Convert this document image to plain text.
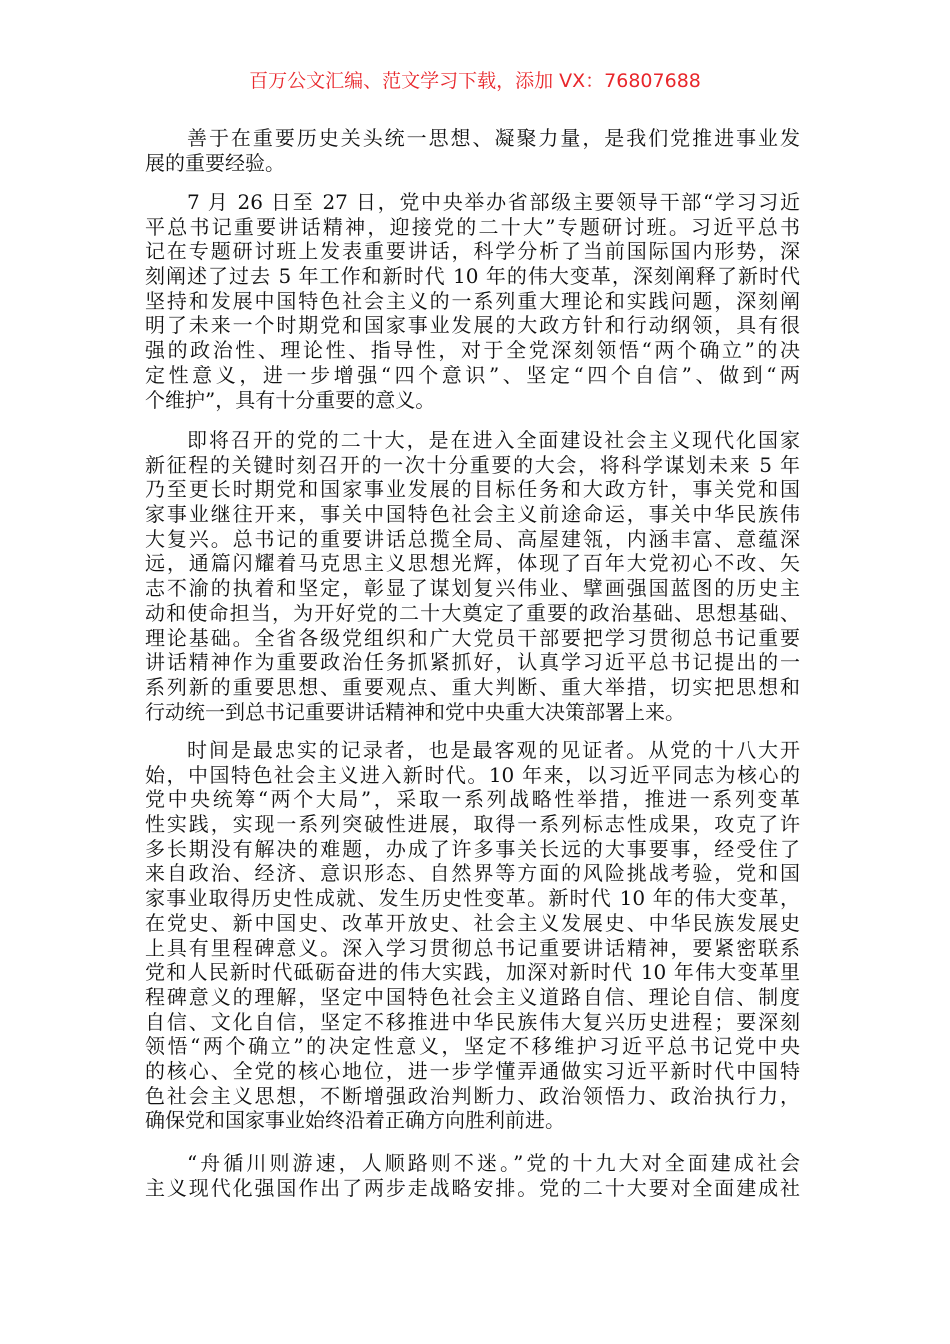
百万公文汇编、范文学习下载，添加 VX：76807688
善于在重要历史关头统一思想、凝聚力量，是我们党推进事业发
展的重要经验。
7 月 26 日至 27 日，党中央举办省部级主要领导干部“学习习近
平总书记重要讲话精神，迎接党的二十大”专题研讨班。习近平总书
记在专题研讨班上发表重要讲话，科学分析了当前国际国内形势，深
刻阐述了过去 5 年工作和新时代 10 年的伟大变革，深刻阐释了新时代
坚持和发展中国特色社会主义的一系列重大理论和实践问题，深刻阐
明了未来一个时期党和国家事业发展的大政方针和行动纲领，具有很
强的政治性、理论性、指导性，对于全党深刻领悟“两个确立”的决
定性意义，进一步增强“四个意识”、坚定“四个自信”、做到“两
个维护”，具有十分重要的意义。
即将召开的党的二十大，是在进入全面建设社会主义现代化国家
新征程的关键时刻召开的一次十分重要的大会，将科学谋划未来 5 年
乃至更长时期党和国家事业发展的目标任务和大政方针，事关党和国
家事业继往开来，事关中国特色社会主义前途命运，事关中华民族伟
大复兴。总书记的重要讲话总揽全局、高屋建瓴，内涵丰富、意蕴深
远，通篇闪耀着马克思主义思想光辉，体现了百年大党初心不改、矢
志不渝的执着和坚定，彰显了谋划复兴伟业、擘画强国蓝图的历史主
动和使命担当，为开好党的二十大奠定了重要的政治基础、思想基础、
理论基础。全省各级党组织和广大党员干部要把学习贯彻总书记重要
讲话精神作为重要政治任务抓紧抓好，认真学习近平总书记提出的一
系列新的重要思想、重要观点、重大判断、重大举措，切实把思想和
行动统一到总书记重要讲话精神和党中央重大决策部署上来。
时间是最忠实的记录者，也是最客观的见证者。从党的十八大开
始，中国特色社会主义进入新时代。10 年来，以习近平同志为核心的
党中央统筹“两个大局”，采取一系列战略性举措，推进一系列变革
性实践，实现一系列突破性进展，取得一系列标志性成果，攻克了许
多长期没有解决的难题，办成了许多事关长远的大事要事，经受住了
来自政治、经济、意识形态、自然界等方面的风险挑战考验，党和国
家事业取得历史性成就、发生历史性变革。新时代 10 年的伟大变革，
在党史、新中国史、改革开放史、社会主义发展史、中华民族发展史
上具有里程碑意义。深入学习贯彻总书记重要讲话精神，要紧密联系
党和人民新时代砥砺奋进的伟大实践，加深对新时代 10 年伟大变革里
程碑意义的理解，坚定中国特色社会主义道路自信、理论自信、制度
自信、文化自信，坚定不移推进中华民族伟大复兴历史进程；要深刻
领悟“两个确立”的决定性意义，坚定不移维护习近平总书记党中央
的核心、全党的核心地位，进一步学懂弄通做实习近平新时代中国特
色社会主义思想，不断增强政治判断力、政治领悟力、政治执行力，
确保党和国家事业始终沿着正确方向胜利前进。
“舟循川则游速，人顺路则不迷。”党的十九大对全面建成社会
主义现代化强国作出了两步走战略安排。党的二十大要对全面建成社
